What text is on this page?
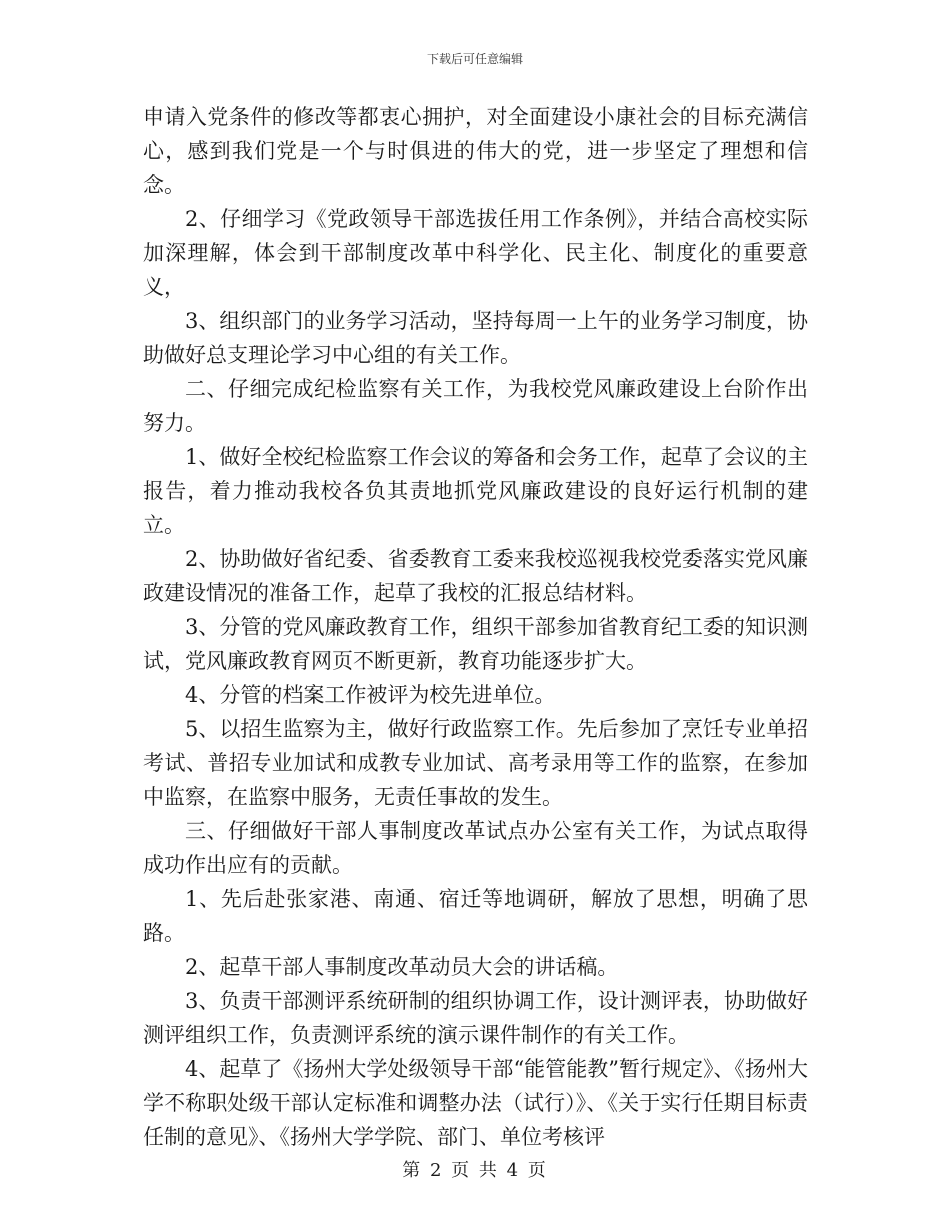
下载后可任意编辑

申请入党条件的修改等都衷心拥护，对全面建设小康社会的目标充满信心，感到我们党是一个与时俱进的伟大的党，进一步坚定了理想和信念。

2、仔细学习《党政领导干部选拔任用工作条例》，并结合高校实际加深理解，体会到干部制度改革中科学化、民主化、制度化的重要意义，

3、组织部门的业务学习活动，坚持每周一上午的业务学习制度，协助做好总支理论学习中心组的有关工作。

二、仔细完成纪检监察有关工作，为我校党风廉政建设上台阶作出努力。

1、做好全校纪检监察工作会议的筹备和会务工作，起草了会议的主报告，着力推动我校各负其责地抓党风廉政建设的良好运行机制的建立。

2、协助做好省纪委、省委教育工委来我校巡视我校党委落实党风廉政建设情况的准备工作，起草了我校的汇报总结材料。

3、分管的党风廉政教育工作，组织干部参加省教育纪工委的知识测试，党风廉政教育网页不断更新，教育功能逐步扩大。

4、分管的档案工作被评为校先进单位。

5、以招生监察为主，做好行政监察工作。先后参加了烹饪专业单招考试、普招专业加试和成教专业加试、高考录用等工作的监察，在参加中监察，在监察中服务，无责任事故的发生。

三、仔细做好干部人事制度改革试点办公室有关工作，为试点取得成功作出应有的贡献。

1、先后赴张家港、南通、宿迁等地调研，解放了思想，明确了思路。

2、起草干部人事制度改革动员大会的讲话稿。

3、负责干部测评系统研制的组织协调工作，设计测评表，协助做好测评组织工作，负责测评系统的演示课件制作的有关工作。

4、起草了《扬州大学处级领导干部“能管能教”暂行规定》、《扬州大学不称职处级干部认定标准和调整办法（试行）》、《关于实行任期目标责任制的意见》、《扬州大学学院、部门、单位考核评

第 2 页 共 4 页
